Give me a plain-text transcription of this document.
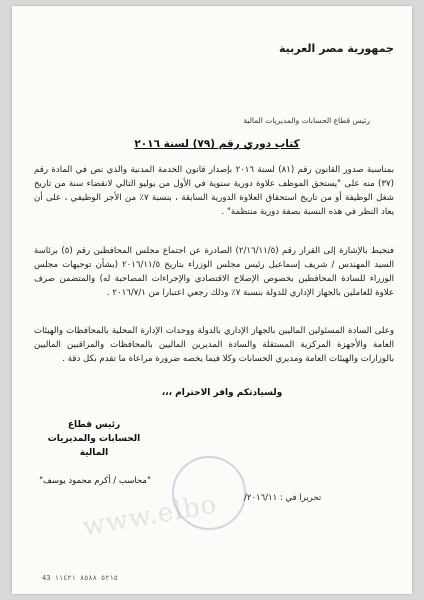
جمهورية مصر العربية
رئيس قطاع الحسابات والمديريات المالية
كتاب دوري رقم (٧٩) لسنة ٢٠١٦
بمناسبة صدور القانون رقم (٨١) لسنة ٢٠١٦ بإصدار قانون الخدمة المدنية والذي نص في المادة رقم (٣٧) منه على "يستحق الموظف علاوة دورية سنوية في الأول من يوليو التالي لانقضاء سنة من تاريخ شغل الوظيفة أو من تاريخ استحقاق العلاوة الدورية السابقة ، بنسبة ٧٪ من الأجر الوظيفي ، على أن يعاد النظر في هذه النسبة بصفة دورية منتظمة" .
فنحيط بالإشارة إلى القرار رقم (٢/١٦/١١/٥) الصادرة عن اجتماع مجلس المحافظين رقم (٥) برئاسة السيد المهندس / شريف إسماعيل رئيس مجلس الوزراء بتاريخ ٢٠١٦/١١/٥ (بشأن توجيهات مجلس الوزراء للسادة المحافظين بخصوص الإصلاح الاقتصادي والإجراءات المصاحبة له) والمتضمن صرف علاوة للعاملين بالجهاز الإداري للدولة بنسبة ٧٪ وذلك رجعي اعتبارا من ٢٠١٦/٧/١ .
وعلى السادة المسئولين الماليين بالجهاز الإداري بالدولة ووحدات الإدارة المحلية بالمحافظات والهيئات العامة والأجهزة المركزية المستقلة والسادة المديرين الماليين بالمحافظات والمراقبين الماليين بالوزارات والهيئات العامة ومديري الحسابات وكلا فيما يخصه ضرورة مراعاة ما تقدم بكل دقة .
ولسيادتكم وافر الاحترام ،،،
رئيس قطاع
الحسابات والمديريات المالية
"محاسب / أكرم محمود يوسف"
تحريرا في : ٢٠١٦/١١/
www.elbo
43 ٥٢١٥ ٨٥٨٨ ١١٤٢١
